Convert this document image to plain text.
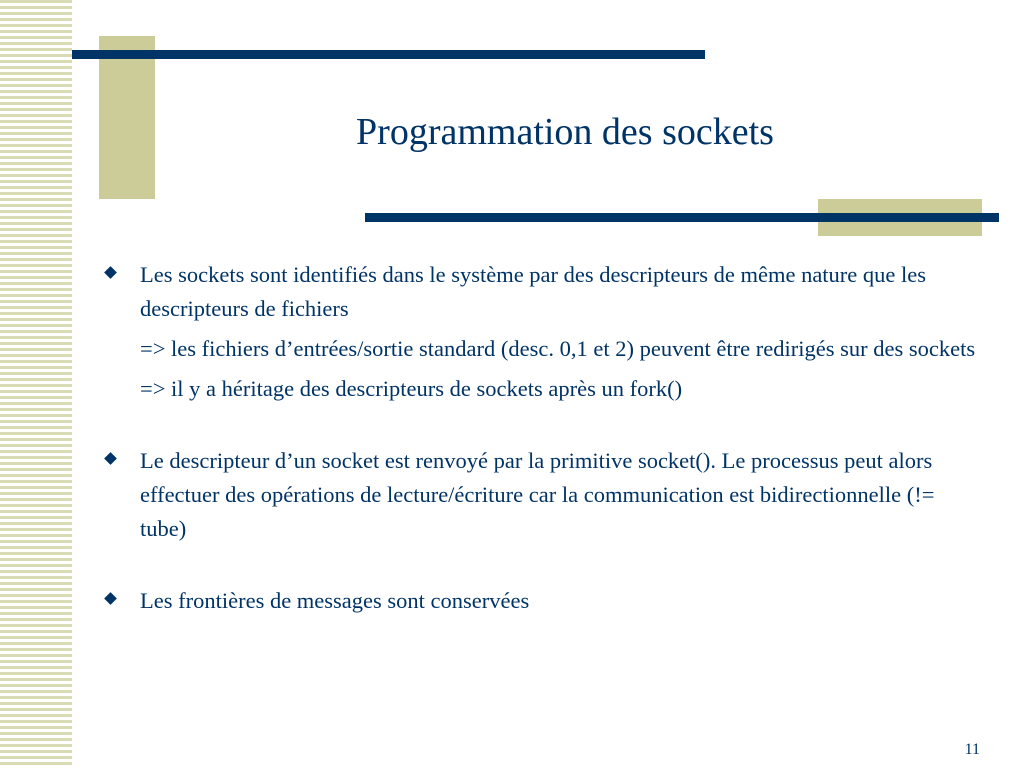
Programmation des sockets
Les sockets sont identifiés dans le système par des descripteurs de même nature que les descripteurs de fichiers
=> les fichiers d’entrées/sortie standard (desc. 0,1 et 2) peuvent être redirigés sur des sockets
=> il y a héritage des descripteurs de sockets après un fork()
Le descripteur d’un socket est renvoyé par la primitive socket(). Le processus peut alors effectuer des opérations de lecture/écriture car la communication est bidirectionnelle (!= tube)
Les frontières de messages sont conservées
11
